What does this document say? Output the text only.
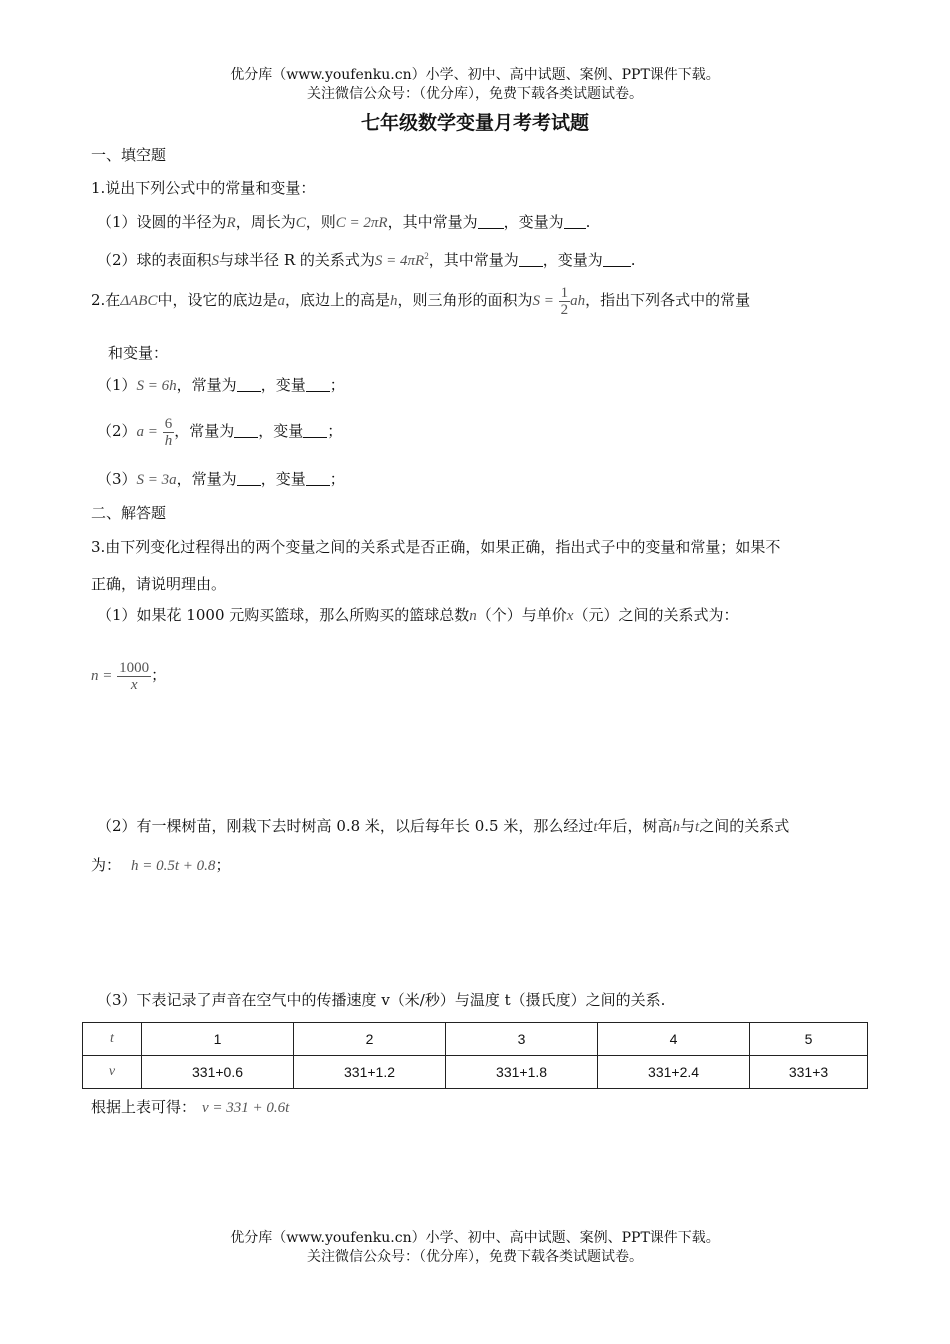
优分库（www.youfenku.cn）小学、初中、高中试题、案例、PPT课件下载。
关注微信公众号：（优分库），免费下载各类试题试卷。
七年级数学变量月考考试题
一、填空题
1.说出下列公式中的常量和变量：
（1）设圆的半径为R，周长为C，则C = 2πR，其中常量为 ，变量为 .
（2）球的表面积S与球半径 R 的关系式为$S = 4\pi R^2$，其中常量为 ，变量为 .
2.在ΔABC中，设它的底边是a，底边上的高是h，则三角形的面积为$S = \frac{1}{2}$ ah，指出下列各式中的常量
和变量：
（1）S = 6h，常量为 ，变量 ；
$(2)a = \frac{6}{h}$ ，常量为 ，变量 ；
（3）S = 3a，常量为 ，变量 ；
二、解答题
3.由下列变化过程得出的两个变量之间的关系式是否正确，如果正确，指出式子中的变量和常量；如果不
正确，请说明理由。
（1）如果花 1000 元购买篮球，那么所购买的篮球总数n（个）与单价x（元）之间的关系式为：
$n = \frac{1000}{x}$ ；
（2）有一棵树苗，刚栽下去时树高 0.8 米，以后每年长 0.5 米，那么经过t年后，树高h与t之间的关系式
为： h = 0.5t + 0.8；
（3）下表记录了声音在空气中的传播速度 v（米/秒）与温度 t（摄氏度）之间的关系.
t	1	2	3	4	5
v	331+0.6	331+1.2	331+1.8	331+2.4	331+3
根据上表可得： v = 331 + 0.6t
优分库（www.youfenku.cn）小学、初中、高中试题、案例、PPT课件下载。
关注微信公众号：（优分库），免费下载各类试题试卷。
